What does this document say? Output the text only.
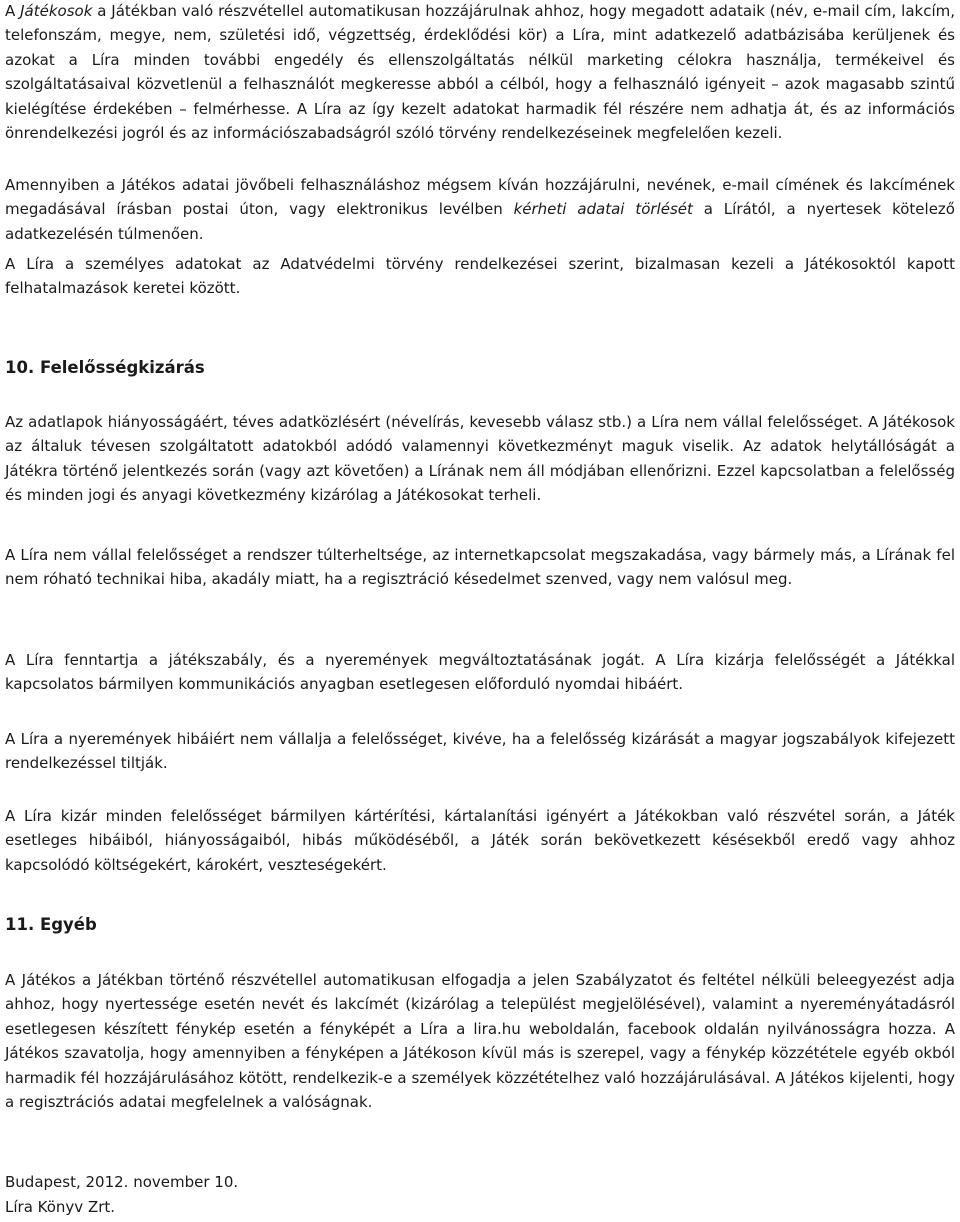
A Játékosok a Játékban való részvétellel automatikusan hozzájárulnak ahhoz, hogy megadott adataik (név, e-mail cím, lakcím, telefonszám, megye, nem, születési idő, végzettség, érdeklődési kör) a Líra, mint adatkezelő adatbázisába kerüljenek és azokat a Líra minden további engedély és ellenszolgáltatás nélkül marketing célokra használja, termékeivel és szolgáltatásaival közvetlenül a felhasználót megkeresse abból a célból, hogy a felhasználó igényeit – azok magasabb szintű kielégítése érdekében – felmérhesse. A Líra az így kezelt adatokat harmadik fél részére nem adhatja át, és az információs önrendelkezési jogról és az információszabadságról szóló törvény rendelkezéseinek megfelelően kezeli.

Amennyiben a Játékos adatai jövőbeli felhasználáshoz mégsem kíván hozzájárulni, nevének, e-mail címének és lakcímének megadásával írásban postai úton, vagy elektronikus levélben kérheti adatai törlését a Lírától, a nyertesek kötelező adatkezelésén túlmenően.

A Líra a személyes adatokat az Adatvédelmi törvény rendelkezései szerint, bizalmasan kezeli a Játékosoktól kapott felhatalmazások keretei között.

10. Felelősségkizárás

Az adatlapok hiányosságáért, téves adatközlésért (névelírás, kevesebb válasz stb.) a Líra nem vállal felelősséget. A Játékosok az általuk tévesen szolgáltatott adatokból adódó valamennyi következményt maguk viselik. Az adatok helytállóságát a Játékra történő jelentkezés során (vagy azt követően) a Lírának nem áll módjában ellenőrizni. Ezzel kapcsolatban a felelősség és minden jogi és anyagi következmény kizárólag a Játékosokat terheli.

A Líra nem vállal felelősséget a rendszer túlterheltsége, az internetkapcsolat megszakadása, vagy bármely más, a Lírának fel nem róható technikai hiba, akadály miatt, ha a regisztráció késedelmet szenved, vagy nem valósul meg.

A Líra fenntartja a játékszabály, és a nyeremények megváltoztatásának jogát. A Líra kizárja felelősségét a Játékkal kapcsolatos bármilyen kommunikációs anyagban esetlegesen előforduló nyomdai hibáért.

A Líra a nyeremények hibáiért nem vállalja a felelősséget, kivéve, ha a felelősség kizárását a magyar jogszabályok kifejezett rendelkezéssel tiltják.

A Líra kizár minden felelősséget bármilyen kártérítési, kártalanítási igényért a Játékokban való részvétel során, a Játék esetleges hibáiból, hiányosságaiból, hibás működéséből, a Játék során bekövetkezett késésekből eredő vagy ahhoz kapcsolódó költségekért, károkért, veszteségekért.

11. Egyéb

A Játékos a Játékban történő részvétellel automatikusan elfogadja a jelen Szabályzatot és feltétel nélküli beleegyezést adja ahhoz, hogy nyertessége esetén nevét és lakcímét (kizárólag a települést megjelölésével), valamint a nyereményátadásról esetlegesen készített fénykép esetén a fényképét a Líra a lira.hu weboldalán, facebook oldalán nyilvánosságra hozza. A Játékos szavatolja, hogy amennyiben a fényképen a Játékoson kívül más is szerepel, vagy a fénykép közzététele egyéb okból harmadik fél hozzájárulásához kötött, rendelkezik-e a személyek közzétételhez való hozzájárulásával. A Játékos kijelenti, hogy a regisztrációs adatai megfelelnek a valóságnak.

Budapest, 2012. november 10.

Líra Könyv Zrt.
